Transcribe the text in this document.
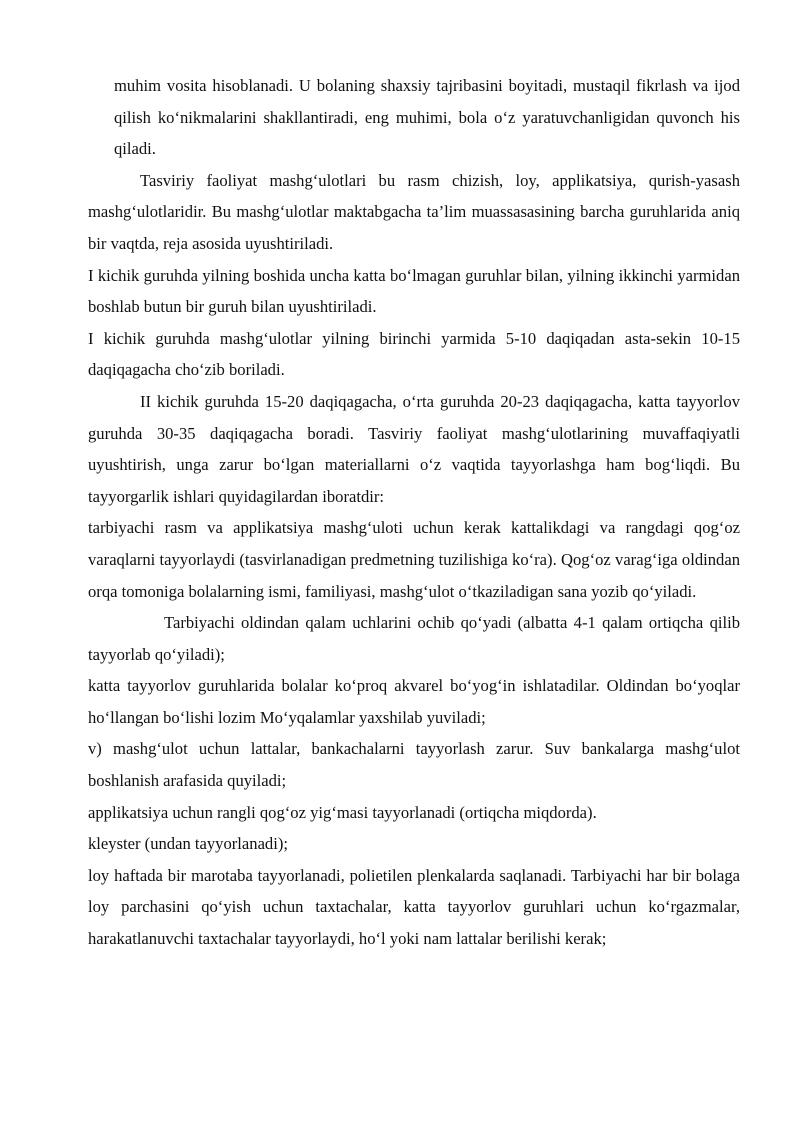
muhim vosita hisoblanadi. U bolaning shaxsiy tajribasini boyitadi, mustaqil fikrlash va ijod qilish ko‘nikmalarini shakllantiradi, eng muhimi, bola o‘z yaratuvchanligidan quvonch his qiladi.

Tasviriy faoliyat mashg‘ulotlari bu rasm chizish, loy, applikatsiya, qurish-yasash mashg‘ulotlaridir. Bu mashg‘ulotlar maktabgacha ta’lim muassasasining barcha guruhlarida aniq bir vaqtda, reja asosida uyushtiriladi.

I kichik guruhda yilning boshida uncha katta bo‘lmagan guruhlar bilan, yilning ikkinchi yarmidan boshlab butun bir guruh bilan uyushtiriladi.

I kichik guruhda mashg‘ulotlar yilning birinchi yarmida 5-10 daqiqadan asta-sekin 10-15 daqiqagacha cho‘zib boriladi.

II kichik guruhda 15-20 daqiqagacha, o‘rta guruhda 20-23 daqiqagacha, katta tayyorlov guruhda 30-35 daqiqagacha boradi. Tasviriy faoliyat mashg‘ulotlarining muvaffaqiyatli uyushtirish, unga zarur bo‘lgan materiallarni o‘z vaqtida tayyorlashga ham bog‘liqdi. Bu tayyorgarlik ishlari quyidagilardan iboratdir:

tarbiyachi rasm va applikatsiya mashg‘uloti uchun kerak kattalikdagi va rangdagi qog‘oz varaqlarni tayyorlaydi (tasvirlanadigan predmetning tuzilishiga ko‘ra). Qog‘oz varag‘iga oldindan orqa tomoniga bolalarning ismi, familiyasi, mashg‘ulot o‘tkaziladigan sana yozib qo‘yiladi.

Tarbiyachi oldindan qalam uchlarini ochib qo‘yadi (albatta 4-1 qalam ortiqcha qilib tayyorlab qo‘yiladi);

katta tayyorlov guruhlarida bolalar ko‘proq akvarel bo‘yog‘in ishlatadilar. Oldindan bo‘yoqlar ho‘llangan bo‘lishi lozim Mo‘yqalamlar yaxshilab yuviladi;

v) mashg‘ulot uchun lattalar, bankachalarni tayyorlash zarur. Suv bankalarga mashg‘ulot boshlanish arafasida quyiladi;

applikatsiya uchun rangli qog‘oz yig‘masi tayyorlanadi (ortiqcha miqdorda).

kleyster (undan tayyorlanadi);

loy haftada bir marotaba tayyorlanadi, polietilen plenkalarda saqlanadi. Tarbiyachi har bir bolaga loy parchasini qo‘yish uchun taxtachalar, katta tayyorlov guruhlari uchun ko‘rgazmalar, harakatlanuvchi taxtachalar tayyorlaydi, ho‘l yoki nam lattalar berilishi kerak;
